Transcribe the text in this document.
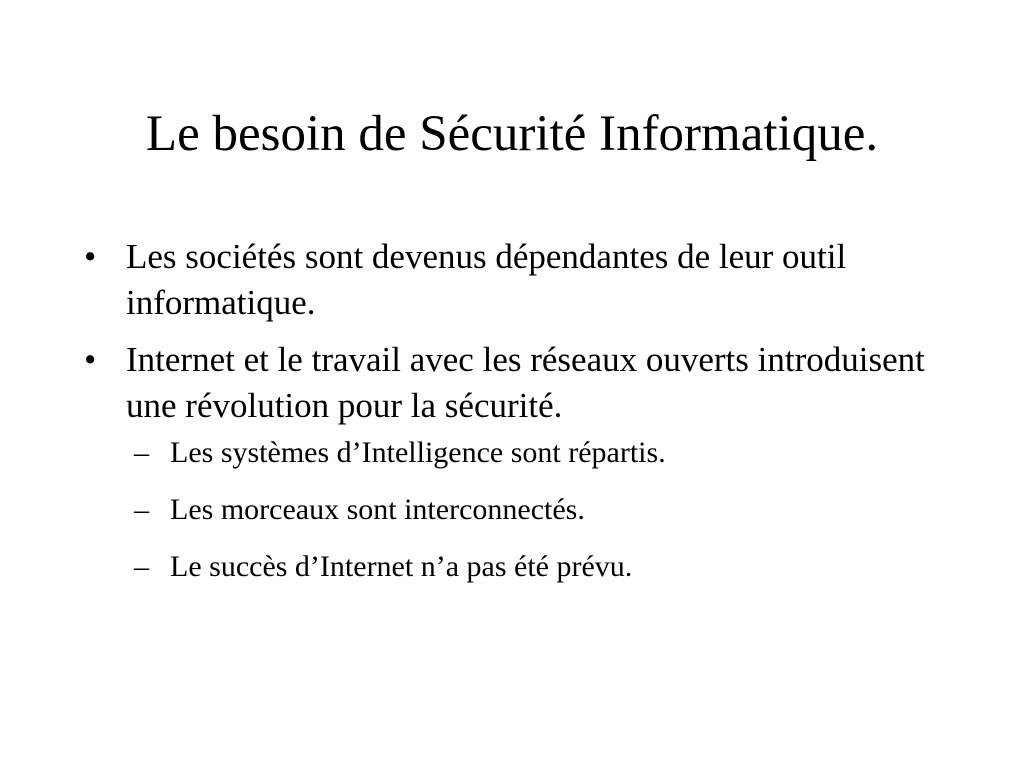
Le besoin de Sécurité Informatique.
• Les sociétés sont devenus dépendantes de leur outil informatique.
• Internet et le travail avec les réseaux ouverts introduisent une révolution pour la sécurité.
– Les systèmes d’Intelligence sont répartis.
– Les morceaux sont interconnectés.
– Le succès d’Internet n’a pas été prévu.
